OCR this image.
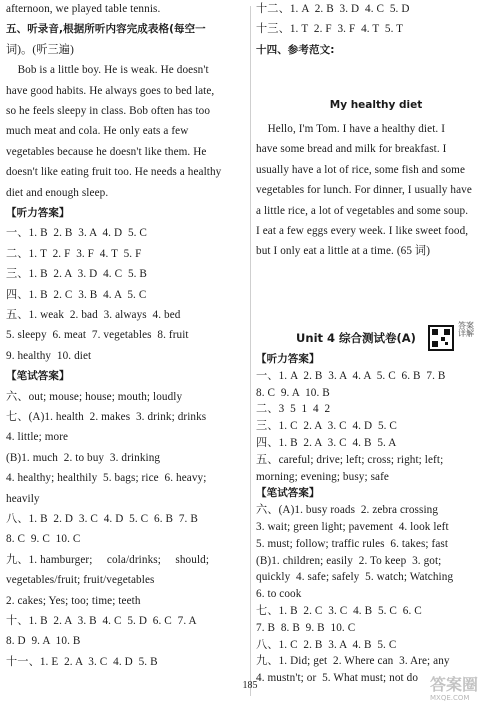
afternoon, we played table tennis.
五、听录音,根据所听内容完成表格(每空一
词)。(听三遍)
Bob is a little boy. He is weak. He doesn't
have good habits. He always goes to bed late,
so he feels sleepy in class. Bob often has too
much meat and cola. He only eats a few
vegetables because he doesn't like them. He
doesn't like eating fruit too. He needs a healthy
diet and enough sleep.
【听力答案】
一、1. B  2. B  3. A  4. D  5. C
二、1. T  2. F  3. F  4. T  5. F
三、1. B  2. A  3. D  4. C  5. B
四、1. B  2. C  3. B  4. A  5. C
五、1. weak  2. bad  3. always  4. bed
5. sleepy  6. meat  7. vegetables  8. fruit
9. healthy  10. diet
【笔试答案】
六、out; mouse; house; mouth; loudly
七、(A)1. health  2. makes  3. drink; drinks
4. little; more
(B)1. much  2. to buy  3. drinking
4. healthy; healthily  5. bags; rice  6. heavy;
heavily
八、1. B  2. D  3. C  4. D  5. C  6. B  7. B
8. C  9. C  10. C
九、1. hamburger;     cola/drinks;     should;
vegetables/fruit; fruit/vegetables
2. cakes; Yes; too; time; teeth
十、1. B  2. A  3. B  4. C  5. D  6. C  7. A
8. D  9. A  10. B
十一、1. E  2. A  3. C  4. D  5. B
My healthy diet
Unit 4 综合测试卷(A)
答案
详解
十二、1. A  2. B  3. D  4. C  5. D
十三、1. T  2. F  3. F  4. T  5. T
十四、参考范文:
Hello, I'm Tom. I have a healthy diet. I
have some bread and milk for breakfast. I
usually have a lot of rice, some fish and some
vegetables for lunch. For dinner, I usually have
a little rice, a lot of vegetables and some soup.
I eat a few eggs every week. I like sweet food,
but I only eat a little at a time. (65 词)
【听力答案】
一、1. A  2. B  3. A  4. A  5. C  6. B  7. B
8. C  9. A  10. B
二、3  5  1  4  2
三、1. C  2. A  3. C  4. D  5. C
四、1. B  2. A  3. C  4. B  5. A
五、careful; drive; left; cross; right; left;
morning; evening; busy; safe
【笔试答案】
六、(A)1. busy roads  2. zebra crossing
3. wait; green light; pavement  4. look left
5. must; follow; traffic rules  6. takes; fast
(B)1. children; easily  2. To keep  3. got;
quickly  4. safe; safely  5. watch; Watching
6. to cook
七、1. B  2. C  3. C  4. B  5. C  6. C
7. B  8. B  9. B  10. C
八、1. C  2. B  3. A  4. B  5. C
九、1. Did; get  2. Where can  3. Are; any
4. mustn't; or  5. What must; not do
185	答案圈
MXQE.COM
